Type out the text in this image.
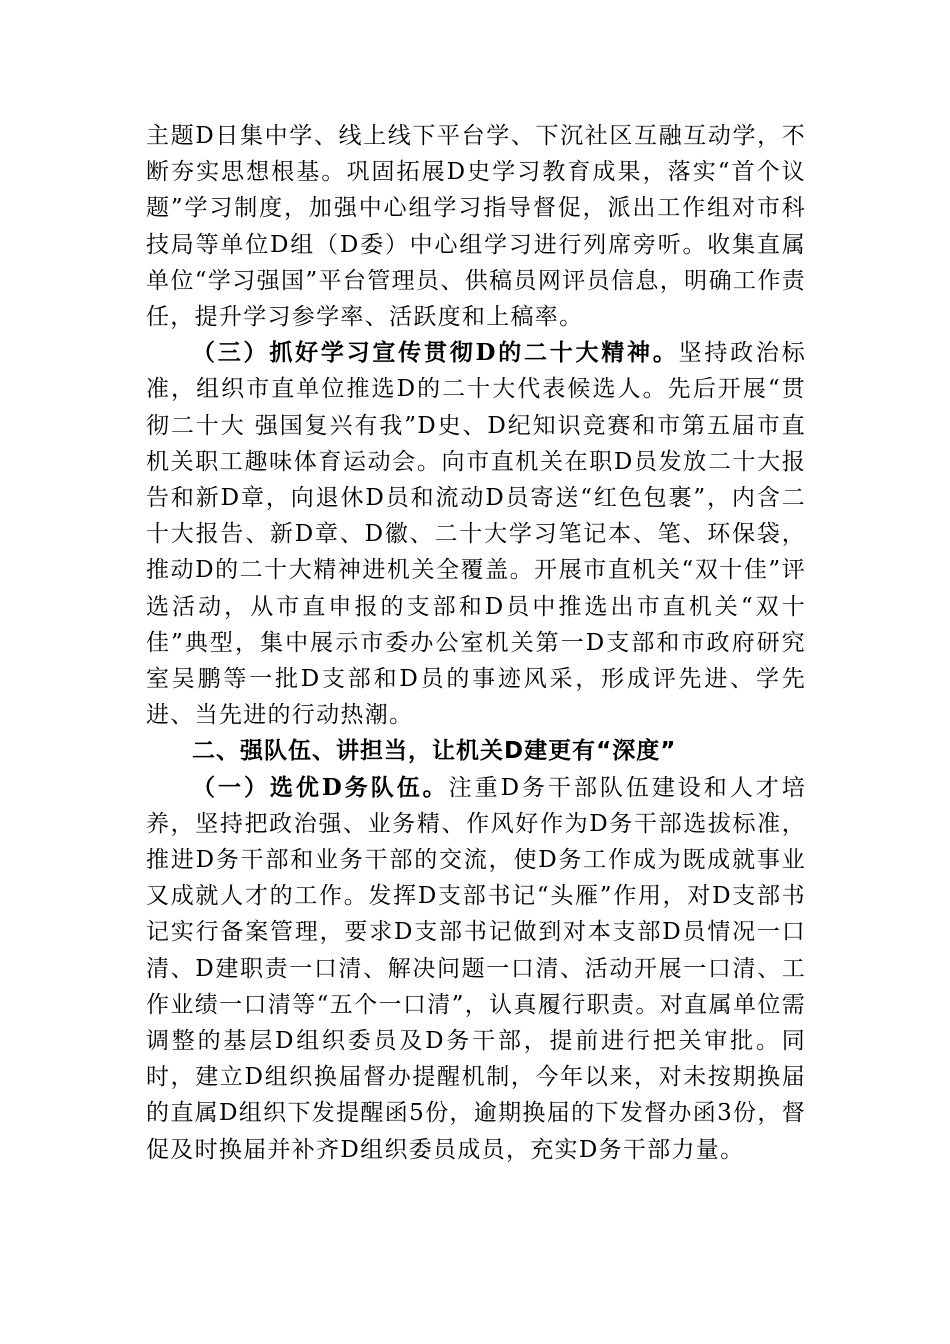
主题D日集中学、线上线下平台学、下沉社区互融互动学，不断夯实思想根基。巩固拓展D史学习教育成果，落实“首个议题”学习制度，加强中心组学习指导督促，派出工作组对市科技局等单位D组（D委）中心组学习进行列席旁听。收集直属单位“学习强国”平台管理员、供稿员网评员信息，明确工作责任，提升学习参学率、活跃度和上稿率。

（三）抓好学习宣传贯彻D的二十大精神。坚持政治标准，组织市直单位推选D的二十大代表候选人。先后开展“贯彻二十大 强国复兴有我”D史、D纪知识竞赛和市第五届市直机关职工趣味体育运动会。向市直机关在职D员发放二十大报告和新D章，向退休D员和流动D员寄送“红色包裹”，内含二十大报告、新D章、D徽、二十大学习笔记本、笔、环保袋，推动D的二十大精神进机关全覆盖。开展市直机关“双十佳”评选活动，从市直申报的支部和D员中推选出市直机关“双十佳”典型，集中展示市委办公室机关第一D支部和市政府研究室吴鹏等一批D支部和D员的事迹风采，形成评先进、学先进、当先进的行动热潮。

二、强队伍、讲担当，让机关D建更有“深度”

（一）选优D务队伍。注重D务干部队伍建设和人才培养，坚持把政治强、业务精、作风好作为D务干部选拔标准，推进D务干部和业务干部的交流，使D务工作成为既成就事业又成就人才的工作。发挥D支部书记“头雁”作用，对D支部书记实行备案管理，要求D支部书记做到对本支部D员情况一口清、D建职责一口清、解决问题一口清、活动开展一口清、工作业绩一口清等“五个一口清”，认真履行职责。对直属单位需调整的基层D组织委员及D务干部，提前进行把关审批。同时，建立D组织换届督办提醒机制，今年以来，对未按期换届的直属D组织下发提醒函5份，逾期换届的下发督办函3份，督促及时换届并补齐D组织委员成员，充实D务干部力量。
